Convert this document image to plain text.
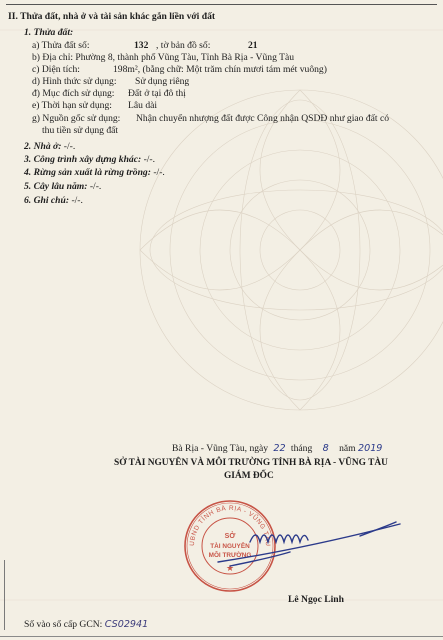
II. Thửa đất, nhà ở và tài sản khác gắn liền với đất
1. Thửa đất:
a) Thửa đất số:	132 , tờ bản đồ số:	21
b) Địa chỉ: Phường 8, thành phố Vũng Tàu, Tỉnh Bà Rịa - Vũng Tàu
c) Diện tích:	198m², (bằng chữ: Một trăm chín mươi tám mét vuông)
d) Hình thức sử dụng: Sử dụng riêng
đ) Mục đích sử dụng: Đất ở tại đô thị
e) Thời hạn sử dụng: Lâu dài
g) Nguồn gốc sử dụng: Nhận chuyển nhượng đất được Công nhận QSDĐ như giao đất có
thu tiền sử dụng đất
2. Nhà ở: -/-.
3. Công trình xây dựng khác: -/-.
4. Rừng sản xuất là rừng trồng: -/-.
5. Cây lâu năm: -/-.
6. Ghi chú: -/-.
Bà Rịa - Vũng Tàu, ngày 22 tháng 8 năm 2019
SỞ TÀI NGUYÊN VÀ MÔI TRƯỜNG TỈNH BÀ RỊA - VŨNG TÀU
GIÁM ĐỐC
UBND TỈNH BÀ RỊA - VŨNG TÀU
SỞ
TÀI NGUYÊN
MÔI TRƯỜNG
★
Lê Ngọc Linh
Số vào sổ cấp GCN: CS02941
